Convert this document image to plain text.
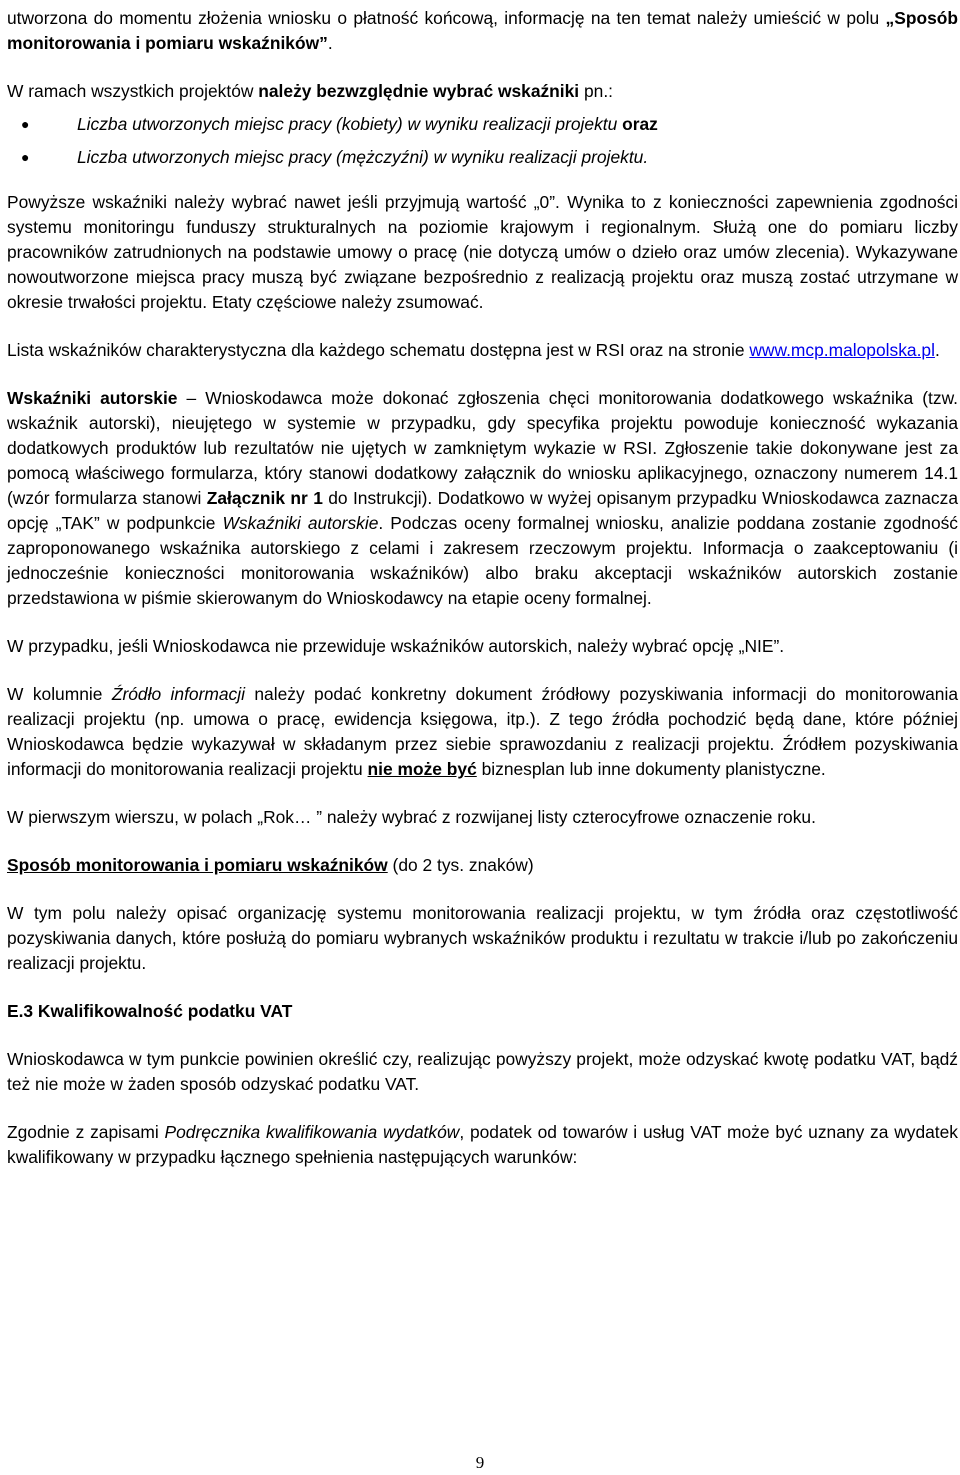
utworzona do momentu złożenia wniosku o płatność końcową, informację na ten temat należy umieścić w polu „Sposób monitorowania i pomiaru wskaźników”.

W ramach wszystkich projektów należy bezwzględnie wybrać wskaźniki pn.:

●	Liczba utworzonych miejsc pracy (kobiety) w wyniku realizacji projektu oraz
●	Liczba utworzonych miejsc pracy (mężczyźni) w wyniku realizacji projektu.

Powyższe wskaźniki należy wybrać nawet jeśli przyjmują wartość „0”. Wynika to z konieczności zapewnienia zgodności systemu monitoringu funduszy strukturalnych na poziomie krajowym i regionalnym. Służą one do pomiaru liczby pracowników zatrudnionych na podstawie umowy o pracę (nie dotyczą umów o dzieło oraz umów zlecenia). Wykazywane nowoutworzone miejsca pracy muszą być związane bezpośrednio z realizacją projektu oraz muszą zostać utrzymane w okresie trwałości projektu. Etaty częściowe należy zsumować.

Lista wskaźników charakterystyczna dla każdego schematu dostępna jest w RSI oraz na stronie www.mcp.malopolska.pl.

Wskaźniki autorskie – Wnioskodawca może dokonać zgłoszenia chęci monitorowania dodatkowego wskaźnika (tzw. wskaźnik autorski), nieujętego w systemie w przypadku, gdy specyfika projektu powoduje konieczność wykazania dodatkowych produktów lub rezultatów nie ujętych w zamkniętym wykazie w RSI. Zgłoszenie takie dokonywane jest za pomocą właściwego formularza, który stanowi dodatkowy załącznik do wniosku aplikacyjnego, oznaczony numerem 14.1 (wzór formularza stanowi Załącznik nr 1 do Instrukcji). Dodatkowo w wyżej opisanym przypadku Wnioskodawca zaznacza opcję „TAK” w podpunkcie Wskaźniki autorskie. Podczas oceny formalnej wniosku, analizie poddana zostanie zgodność zaproponowanego wskaźnika autorskiego z celami i zakresem rzeczowym projektu. Informacja o zaakceptowaniu (i jednocześnie konieczności monitorowania wskaźników) albo braku akceptacji wskaźników autorskich zostanie przedstawiona w piśmie skierowanym do Wnioskodawcy na etapie oceny formalnej.

W przypadku, jeśli Wnioskodawca nie przewiduje wskaźników autorskich, należy wybrać opcję „NIE”.

W kolumnie Źródło informacji należy podać konkretny dokument źródłowy pozyskiwania informacji do monitorowania realizacji projektu (np. umowa o pracę, ewidencja księgowa, itp.). Z tego źródła pochodzić będą dane, które później Wnioskodawca będzie wykazywał w składanym przez siebie sprawozdaniu z realizacji projektu. Źródłem pozyskiwania informacji do monitorowania realizacji projektu nie może być biznesplan lub inne dokumenty planistyczne.

W pierwszym wierszu, w polach „Rok… ” należy wybrać z rozwijanej listy czterocyfrowe oznaczenie roku.

Sposób monitorowania i pomiaru wskaźników (do 2 tys. znaków)

W tym polu należy opisać organizację systemu monitorowania realizacji projektu, w tym źródła oraz częstotliwość pozyskiwania danych, które posłużą do pomiaru wybranych wskaźników produktu i rezultatu w trakcie i/lub po zakończeniu realizacji projektu.

E.3 Kwalifikowalność podatku VAT

Wnioskodawca w tym punkcie powinien określić czy, realizując powyższy projekt, może odzyskać kwotę podatku VAT, bądź też nie może w żaden sposób odzyskać podatku VAT.

Zgodnie z zapisami Podręcznika kwalifikowania wydatków, podatek od towarów i usług VAT może być uznany za wydatek kwalifikowany w przypadku łącznego spełnienia następujących warunków:

9
